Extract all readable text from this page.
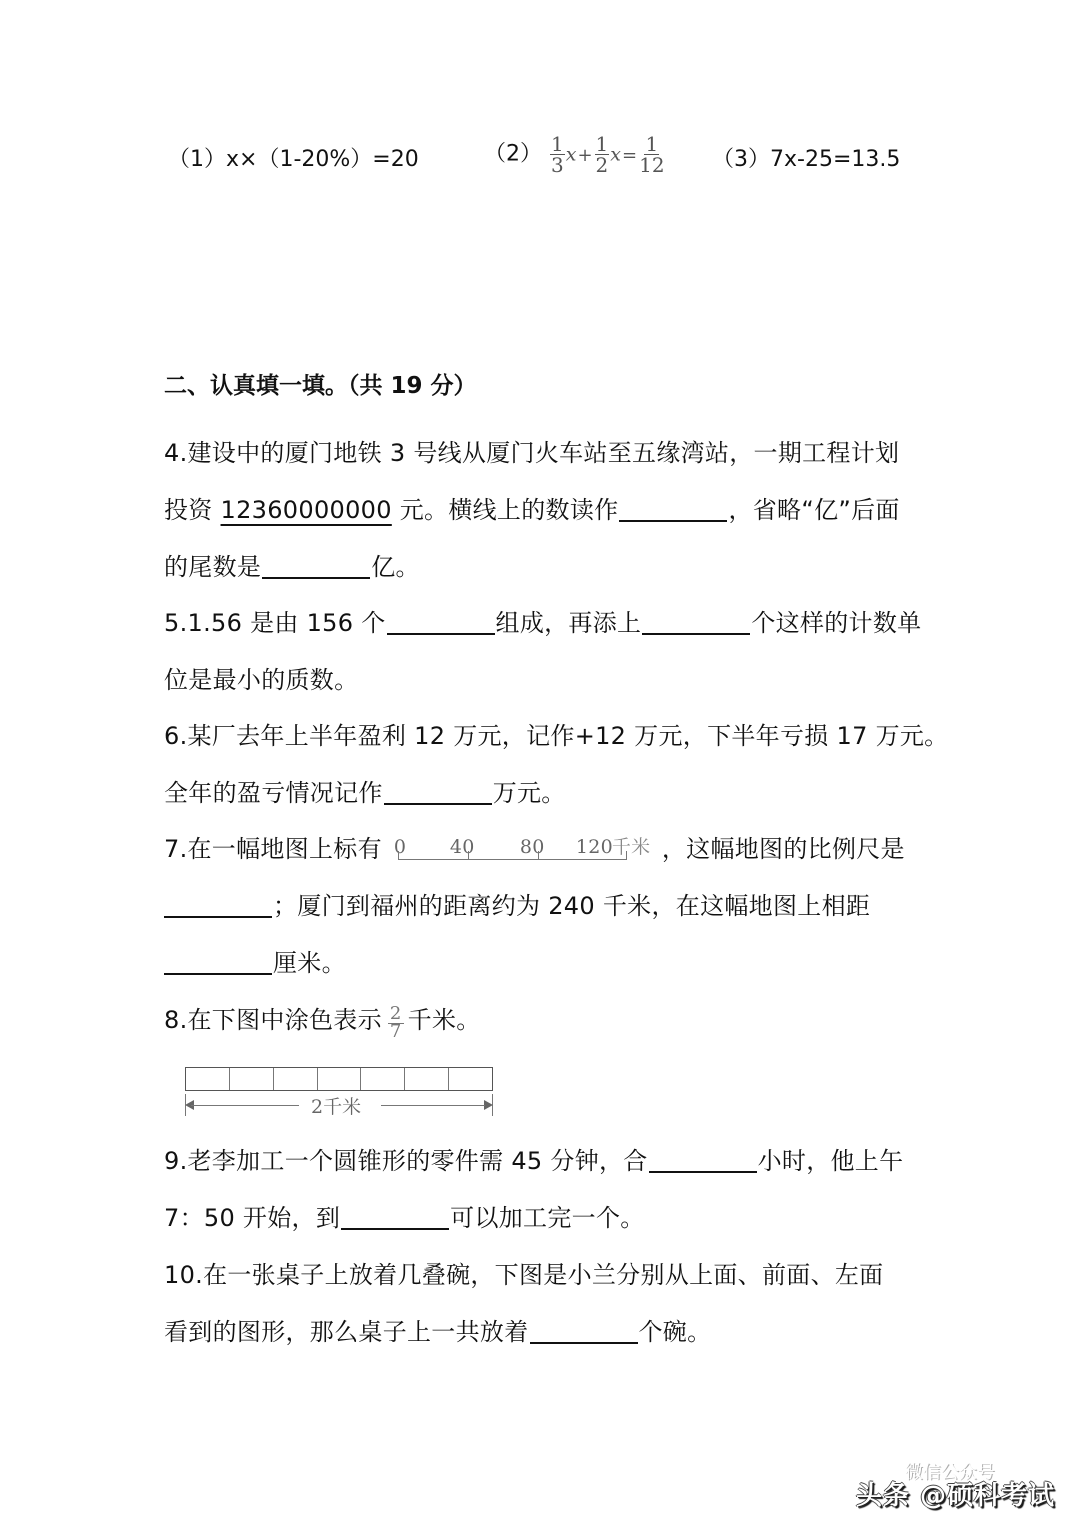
（1）x×（1-20%）=20	$(2) \frac{1}{3} x+ \frac{1}{2} x= \frac{1}{12} (3)7x-25=13.5$
二、认真填一填。（共 19 分）
4.建设中的厦门地铁 3 号线从厦门火车站至五缘湾站，一期工程计划
投资 12360000000 元。横线上的数读作	，省略“亿”后面
的尾数是	亿。
5.1.56 是由 156 个	组成，再添上	个这样的计数单
位是最小的质数。
6.某厂去年上半年盈利 12 万元，记作+12 万元，下半年亏损 17 万元。
全年的盈亏情况记作	万元。
7.在一幅地图上标有 0 40 80 120
千米 ，这幅地图的比例尺是
；厦门到福州的距离约为 240 千米，在这幅地图上相距
厘米。
8.在下图中涂色表示 $\frac{2}{7}$ 千米。
2千米
9.老李加工一个圆锥形的零件需 45 分钟，合	小时，他上午
7：50 开始，到	可以加工完一个。
10.在一张桌子上放着几叠碗，下图是小兰分别从上面、前面、左面
看到的图形，那么桌子上一共放着	个碗。
微信公众号
头条 @硕科考试
